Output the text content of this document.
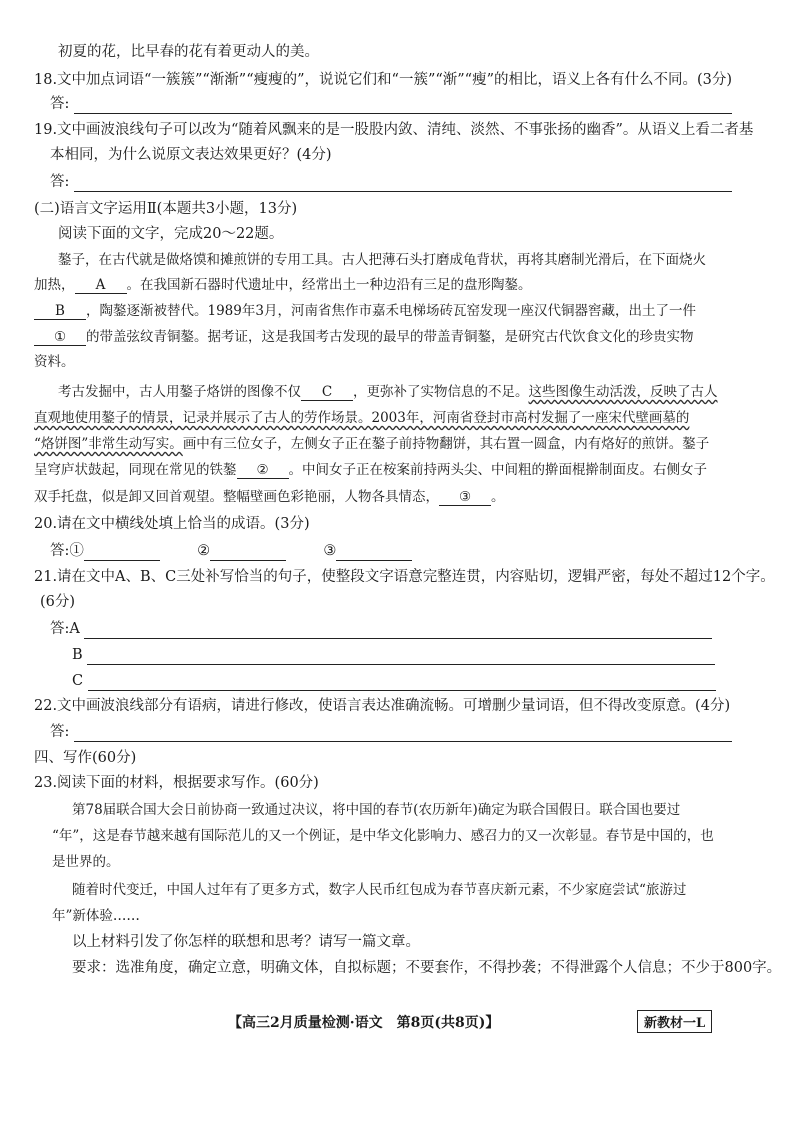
初夏的花，比早春的花有着更动人的美。
18.文中加点词语“一簇簇”“渐渐”“瘦瘦的”，说说它们和“一簇”“渐”“瘦”的相比，语义上各有什么不同。(3分)
答:
19.文中画波浪线句子可以改为“随着风飘来的是一股股内敛、清纯、淡然、不事张扬的幽香”。从语义上看二者基
本相同，为什么说原文表达效果更好？(4分)
答:
(二)语言文字运用Ⅱ(本题共3小题，13分)
阅读下面的文字，完成20～22题。
鏊子，在古代就是做烙馍和摊煎饼的专用工具。古人把薄石头打磨成龟背状，再将其磨制光滑后，在下面烧火
加热， A 。在我国新石器时代遗址中，经常出土一种边沿有三足的盘形陶鏊。
B ，陶鏊逐渐被替代。1989年3月，河南省焦作市嘉禾电梯场砖瓦窑发现一座汉代铜器窖藏，出土了一件
① 的带盖弦纹青铜鏊。据考证，这是我国考古发现的最早的带盖青铜鏊，是研究古代饮食文化的珍贵实物
资料。
考古发掘中，古人用鏊子烙饼的图像不仅 C ，更弥补了实物信息的不足。这些图像生动活泼，反映了古人
直观地使用鏊子的情景，记录并展示了古人的劳作场景。2003年，河南省登封市高村发掘了一座宋代壁画墓的
“烙饼图”非常生动写实。画中有三位女子，左侧女子正在鏊子前持物翻饼，其右置一圆盒，内有烙好的煎饼。鏊子
呈穹庐状鼓起，同现在常见的铁鏊 ② 。中间女子正在桉案前持两头尖、中间粗的擀面棍擀制面皮。右侧女子
双手托盘，似是卸又回首观望。整幅壁画色彩艳丽，人物各具情态， ③ 。
20.请在文中横线处填上恰当的成语。(3分)
答:①	②	③
21.请在文中A、B、C三处补写恰当的句子，使整段文字语意完整连贯，内容贴切，逻辑严密，每处不超过12个字。
(6分)
答:A
B
C
22.文中画波浪线部分有语病，请进行修改，使语言表达准确流畅。可增删少量词语，但不得改变原意。(4分)
答:
四、写作(60分)
23.阅读下面的材料，根据要求写作。(60分)
第78届联合国大会日前协商一致通过决议，将中国的春节(农历新年)确定为联合国假日。联合国也要过
“年”，这是春节越来越有国际范儿的又一个例证，是中华文化影响力、感召力的又一次彰显。春节是中国的，也
是世界的。
随着时代变迁，中国人过年有了更多方式，数字人民币红包成为春节喜庆新元素，不少家庭尝试“旅游过
年”新体验……
以上材料引发了你怎样的联想和思考？请写一篇文章。
要求：选准角度，确定立意，明确文体，自拟标题；不要套作，不得抄袭；不得泄露个人信息；不少于800字。
【高三2月质量检测·语文　第8页(共8页)】	新教材一L
